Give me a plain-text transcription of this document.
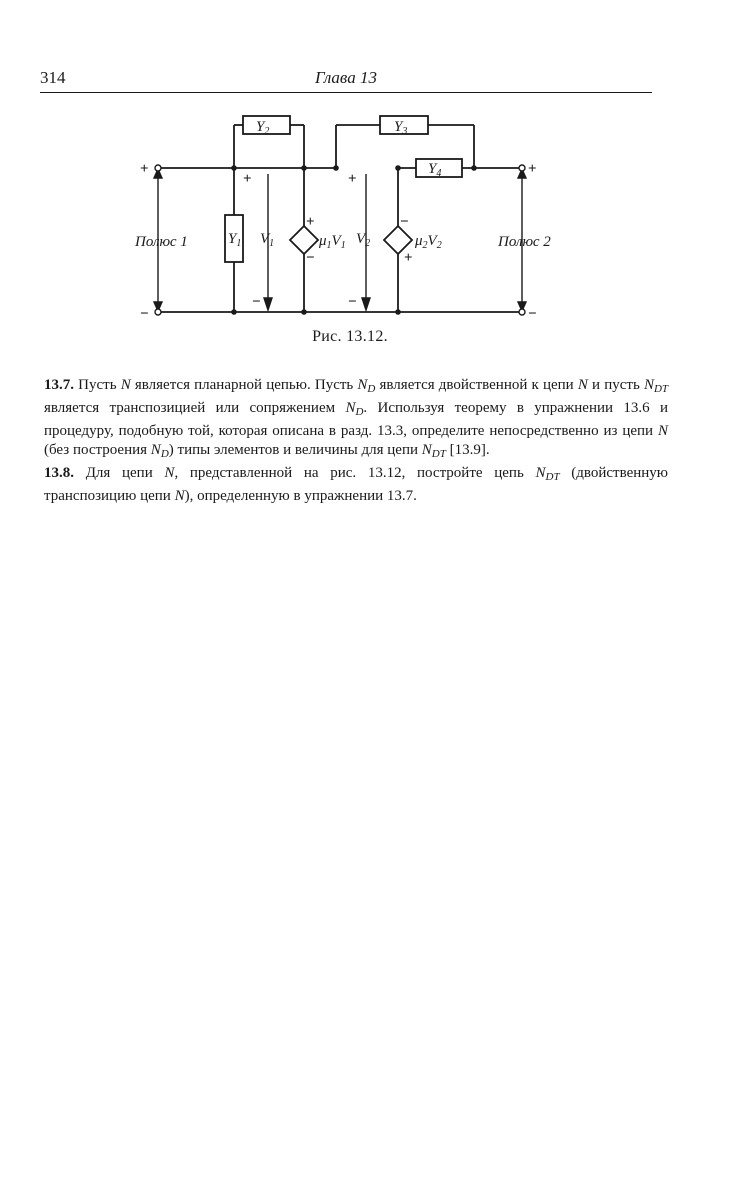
314	Глава 13
$Y_2$	$Y_3$
$Y_4$
$Y_1$ $V_1$	$V_2$
$\mu_1V_1$	$\mu_2V_2$
Полюс 1	Полюс 2
+
−
+
−
+
−
+
−
+
−
−
+
Рис. 13.12.

13.7. Пусть N является планарной цепью. Пусть $N_D$ является двойственной к цепи N и пусть $N_{DT}$ является транспозицией или сопряжением $N_D$. Используя теорему в упражнении 13.6 и процедуру, подобную той, которая описана в разд. 13.3, определите непосредственно из цепи N (без построения $N_D$) типы элементов и величины для цепи $N_{DT}$ [13.9].

13.8. Для цепи N, представленной на рис. 13.12, постройте цепь $N_{DT}$ (двойственную транспозицию цепи N), определенную в упражнении 13.7.
